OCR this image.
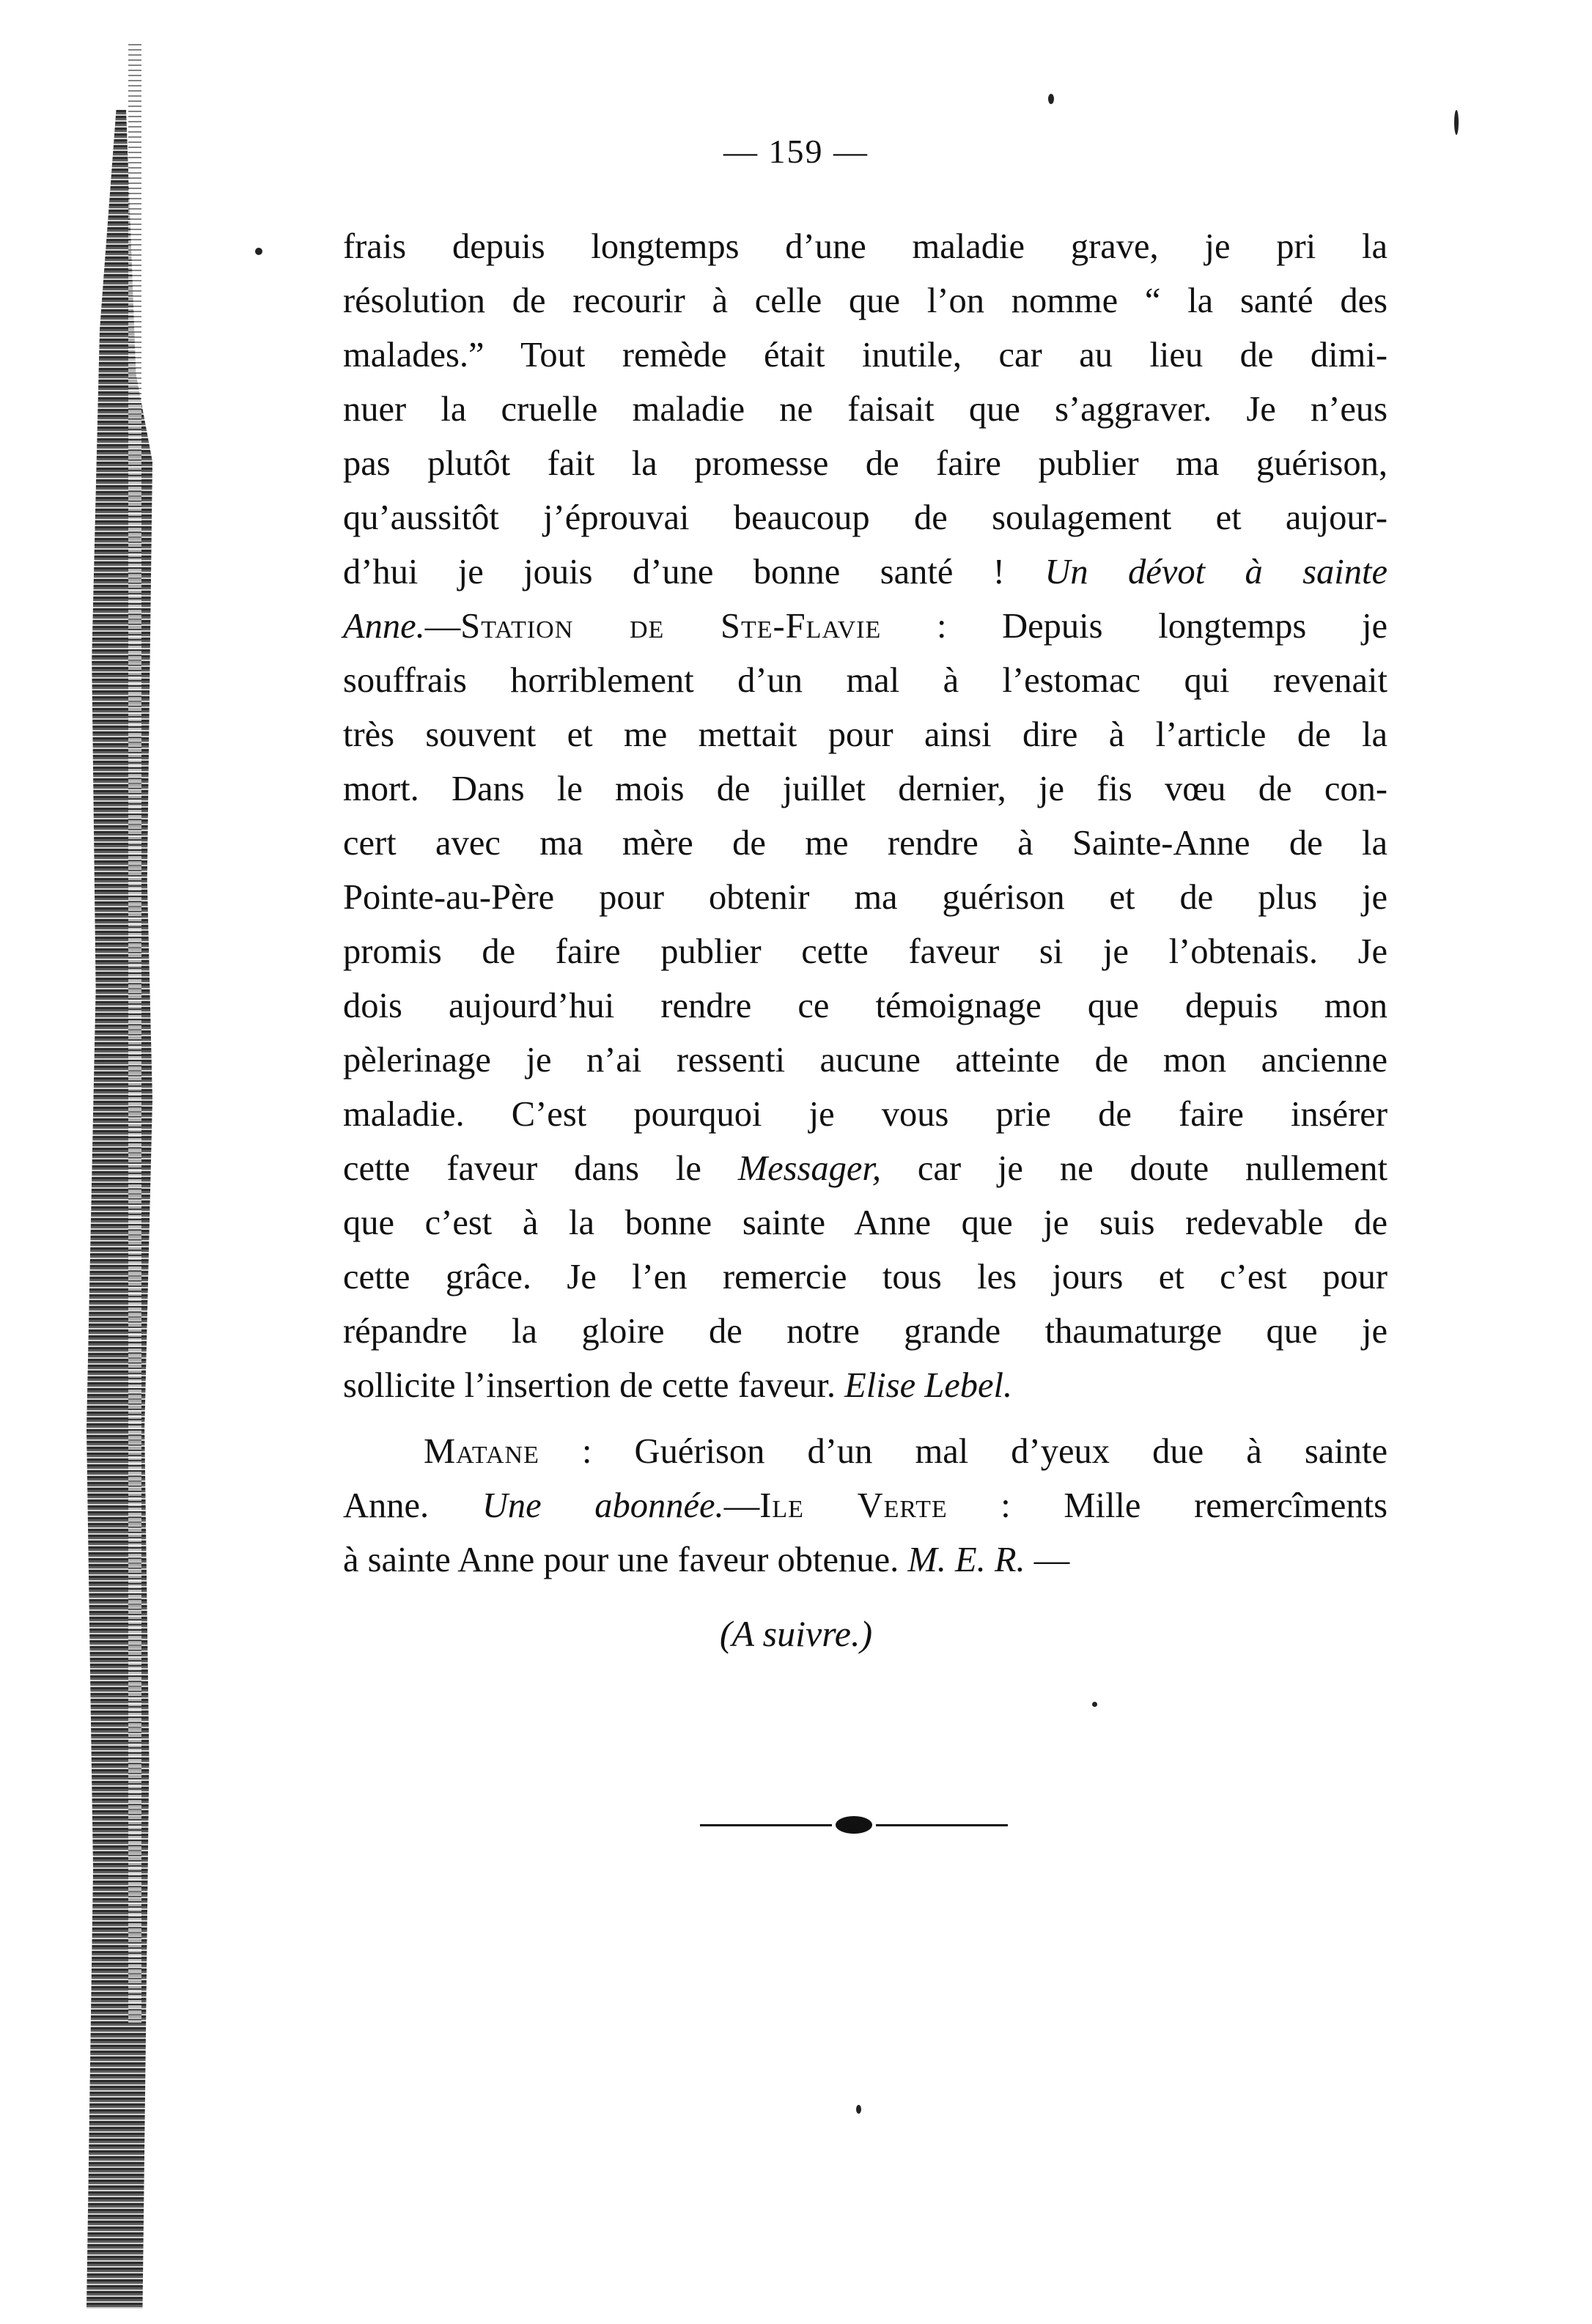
— 159 —
frais depuis longtemps d’une maladie grave, je pri la
résolution de recourir à celle que l’on nomme “ la santé des
malades.” Tout remède était inutile, car au lieu de dimi-
nuer la cruelle maladie ne faisait que s’aggraver. Je n’eus
pas plutôt fait la promesse de faire publier ma guérison,
qu’aussitôt j’éprouvai beaucoup de soulagement et aujour-
d’hui je jouis d’une bonne santé ! Un dévot à sainte
Anne.—Station de Ste-Flavie : Depuis longtemps je
souffrais horriblement d’un mal à l’estomac qui revenait
très souvent et me mettait pour ainsi dire à l’article de la
mort. Dans le mois de juillet dernier, je fis vœu de con-
cert avec ma mère de me rendre à Sainte-Anne de la
Pointe-au-Père pour obtenir ma guérison et de plus je
promis de faire publier cette faveur si je l’obtenais. Je
dois aujourd’hui rendre ce témoignage que depuis mon
pèlerinage je n’ai ressenti aucune atteinte de mon ancienne
maladie. C’est pourquoi je vous prie de faire insérer
cette faveur dans le Messager, car je ne doute nullement
que c’est à la bonne sainte Anne que je suis redevable de
cette grâce. Je l’en remercie tous les jours et c’est pour
répandre la gloire de notre grande thaumaturge que je
sollicite l’insertion de cette faveur. Elise Lebel.
Matane : Guérison d’un mal d’yeux due à sainte
Anne. Une abonnée.—Ile Verte : Mille remercîments
à sainte Anne pour une faveur obtenue. M. E. R. —
(A suivre.)
